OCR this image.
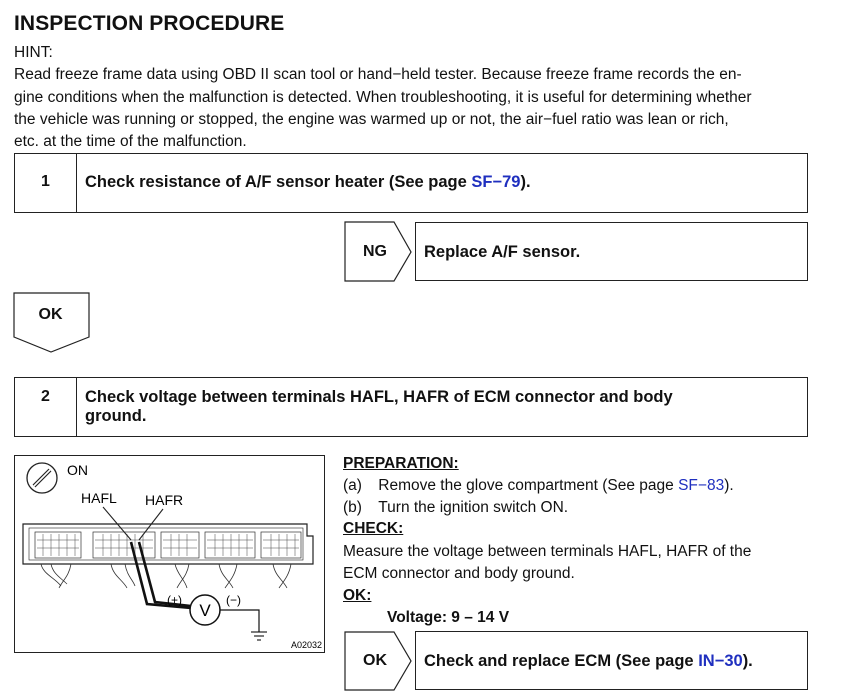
INSPECTION PROCEDURE
HINT:
Read freeze frame data using OBD II scan tool or hand−held tester. Because freeze frame records the en-
gine conditions when the malfunction is detected. When troubleshooting, it is useful for determining whether
the vehicle was running or stopped, the engine was warmed up or not, the air−fuel ratio was lean or rich,
etc. at the time of the malfunction.
1	Check resistance of A/F sensor heater (See page SF−79).
NG	Replace A/F sensor.
OK
2	Check voltage between terminals HAFL, HAFR of ECM connector and body
ground.
ON
HAFL HAFR
V
(+)	(−)
A02032
PREPARATION:
(a) Remove the glove compartment (See page SF−83).
(b) Turn the ignition switch ON.
CHECK:
Measure the voltage between terminals HAFL, HAFR of the
ECM connector and body ground.
OK:
Voltage: 9 – 14 V
OK	Check and replace ECM (See page IN−30).
